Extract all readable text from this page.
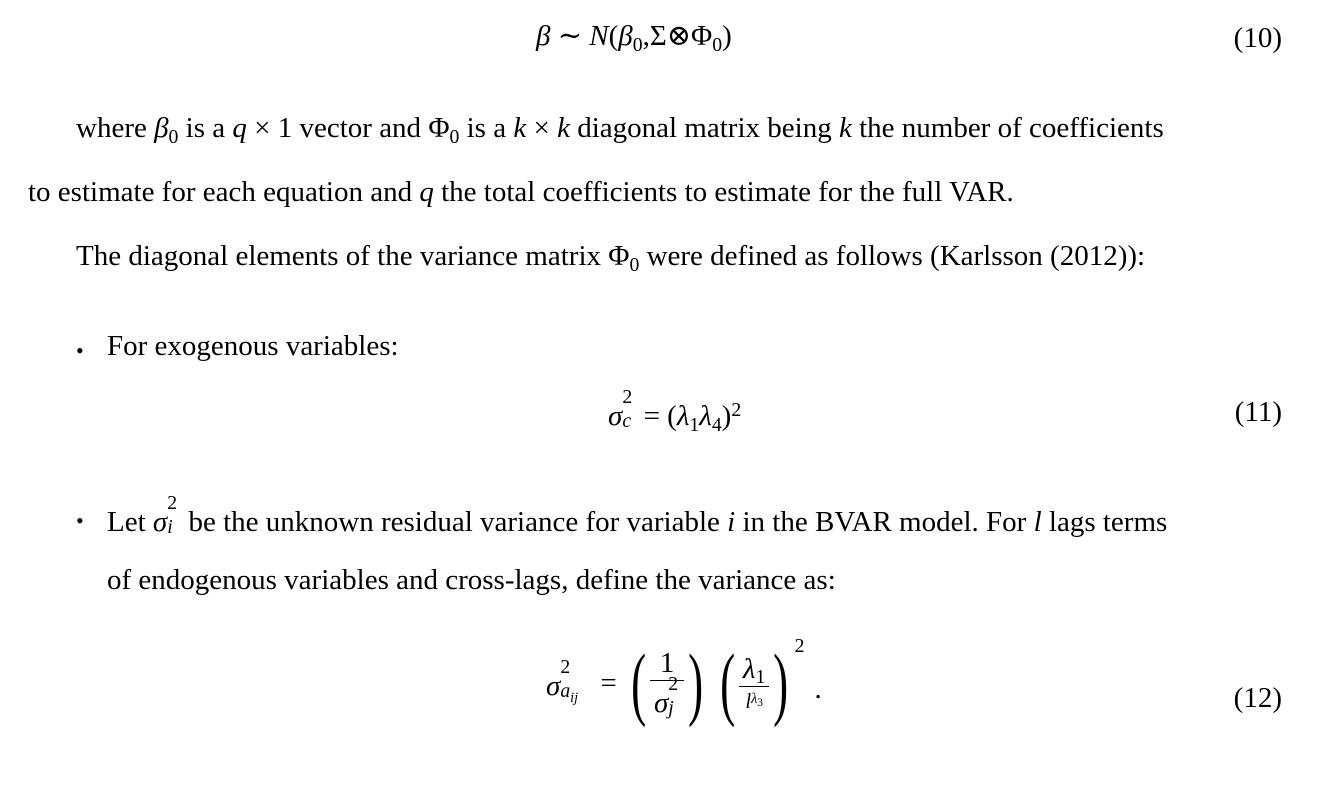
β ∼ $N(\beta_0,\Sigma\otimes\Phi_0)$	(10)
where $\beta_0$ is a q × 1 vector and $\Phi_0$ is a k × k diagonal matrix being k the number of coefficients
to estimate for each equation and q the total coefficients to estimate for the full VAR.
The diagonal elements of the variance matrix $\Phi_0$ were defined as follows (Karlsson (2012)):
• For exogenous variables:
σ
2
$c = (\lambda_1\lambda_4)^2$	(11)
• Let σ
2
i be the unknown residual variance for variable i in the BVAR model. For l lags terms
of endogenous variables and cross-lags, define the variance as:
σ
2
$a_{ij}$ = ( 1
σ
2
j ) ( $\frac{\lambda_1}{l^{\lambda_3}}$ ) 2
.	(12)
